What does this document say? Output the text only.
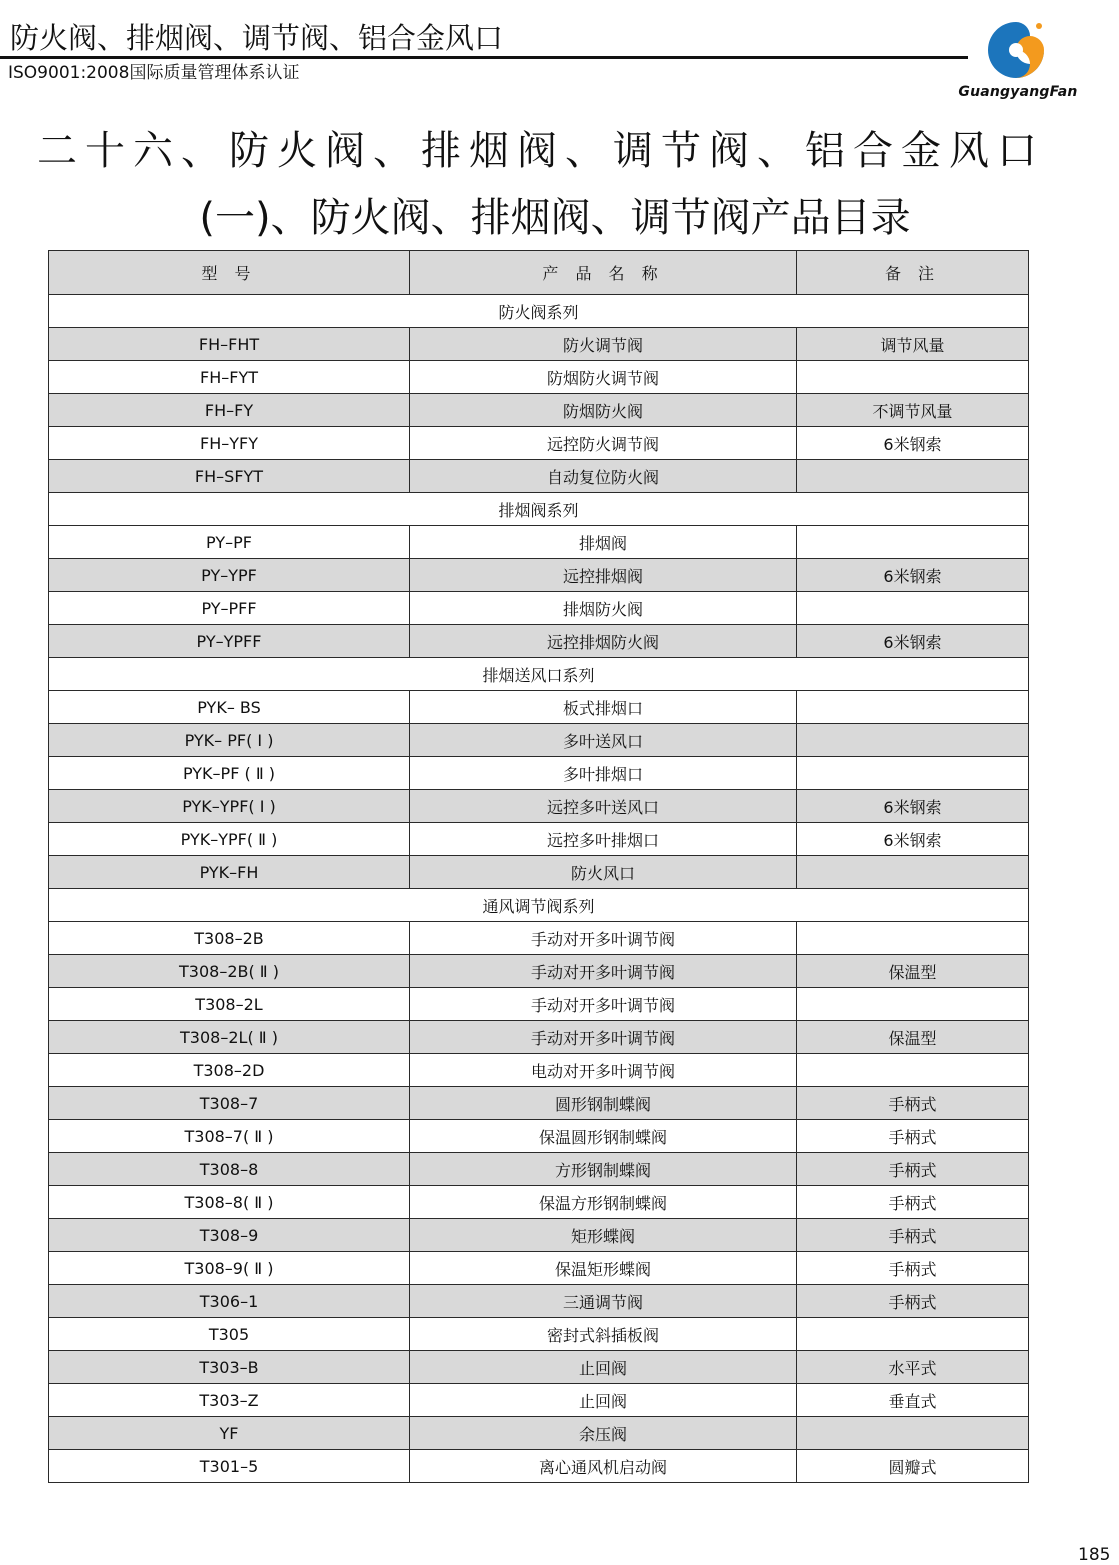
防火阀、排烟阀、调节阀、铝合金风口
ISO9001:2008国际质量管理体系认证
GuangyangFan
二十六、防火阀、排烟阀、调节阀、铝合金风口
(一)、防火阀、排烟阀、调节阀产品目录
型 号	产 品 名 称	备 注
防火阀系列		
FH–FHT	防火调节阀	调节风量
FH–FYT	防烟防火调节阀	
FH–FY	防烟防火阀	不调节风量
FH–YFY	远控防火调节阀	6米钢索
FH–SFYT	自动复位防火阀	
排烟阀系列		
PY–PF	排烟阀	
PY–YPF	远控排烟阀	6米钢索
PY–PFF	排烟防火阀	
PY–YPFF	远控排烟防火阀	6米钢索
排烟送风口系列		
PYK– BS	板式排烟口	
PYK– PF( Ⅰ )	多叶送风口	
PYK–PF ( Ⅱ )	多叶排烟口	
PYK–YPF( Ⅰ )	远控多叶送风口	6米钢索
PYK–YPF( Ⅱ )	远控多叶排烟口	6米钢索
PYK–FH	防火风口	
通风调节阀系列		
T308–2B	手动对开多叶调节阀	
T308–2B( Ⅱ )	手动对开多叶调节阀	保温型
T308–2L	手动对开多叶调节阀	
T308–2L( Ⅱ )	手动对开多叶调节阀	保温型
T308–2D	电动对开多叶调节阀	
T308–7	圆形钢制蝶阀	手柄式
T308–7( Ⅱ )	保温圆形钢制蝶阀	手柄式
T308–8	方形钢制蝶阀	手柄式
T308–8( Ⅱ )	保温方形钢制蝶阀	手柄式
T308–9	矩形蝶阀	手柄式
T308–9( Ⅱ )	保温矩形蝶阀	手柄式
T306–1	三通调节阀	手柄式
T305	密封式斜插板阀	
T303–B	止回阀	水平式
T303–Z	止回阀	垂直式
YF	余压阀	
T301–5	离心通风机启动阀	圆瓣式
185
